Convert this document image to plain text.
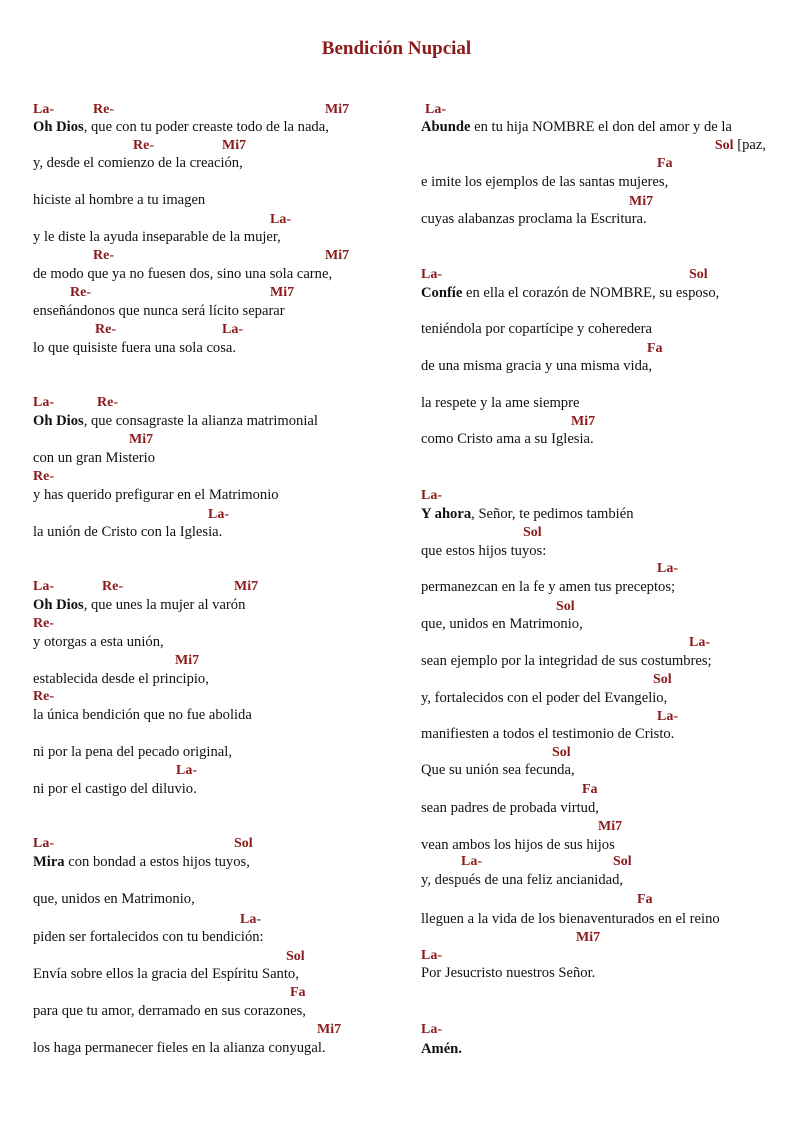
Bendición Nupcial
La-	Re-	Mi7
Oh Dios, que con tu poder creaste todo de la nada,
Re-	Mi7
y, desde el comienzo de la creación,
hiciste al hombre a tu imagen
La-
y le diste la ayuda inseparable de la mujer,
Re-	Mi7
de modo que ya no fuesen dos, sino una sola carne,
Re-	Mi7
enseñándonos que nunca será lícito separar
Re-	La-
lo que quisiste fuera una sola cosa.
La-	Re-
Oh Dios, que consagraste la alianza matrimonial
Mi7
con un gran Misterio
Re-
y has querido prefigurar en el Matrimonio
La-
la unión de Cristo con la Iglesia.
La-	Re-	Mi7
Oh Dios, que unes la mujer al varón
Re-
y otorgas a esta unión,
Mi7
establecida desde el principio,
Re-
la única bendición que no fue abolida
ni por la pena del pecado original,
La-
ni por el castigo del diluvio.
La-	Sol
Mira con bondad a estos hijos tuyos,
que, unidos en Matrimonio,
La-
piden ser fortalecidos con tu bendición:
Sol
Envía sobre ellos la gracia del Espíritu Santo,
Fa
para que tu amor, derramado en sus corazones,
Mi7
los haga permanecer fieles en la alianza conyugal.
La-
Abunde en tu hija NOMBRE el don del amor y de la
Sol [paz,
Fa
e imite los ejemplos de las santas mujeres,
Mi7
cuyas alabanzas proclama la Escritura.
La-	Sol
Confíe en ella el corazón de NOMBRE, su esposo,
teniéndola por copartícipe y coheredera
Fa
de una misma gracia y una misma vida,
la respete y la ame siempre
Mi7
como Cristo ama a su Iglesia.
La-
Y ahora, Señor, te pedimos también
Sol
que estos hijos tuyos:
La-
permanezcan en la fe y amen tus preceptos;
Sol
que, unidos en Matrimonio,
La-
sean ejemplo por la integridad de sus costumbres;
Sol
y, fortalecidos con el poder del Evangelio,
La-
manifiesten a todos el testimonio de Cristo.
Sol
Que su unión sea fecunda,
Fa
sean padres de probada virtud,
Mi7
vean ambos los hijos de sus hijos
La-	Sol
y, después de una feliz ancianidad,
Fa
lleguen a la vida de los bienaventurados en el reino
Mi7
La-
Por Jesucristo nuestros Señor.
La-
Amén.
